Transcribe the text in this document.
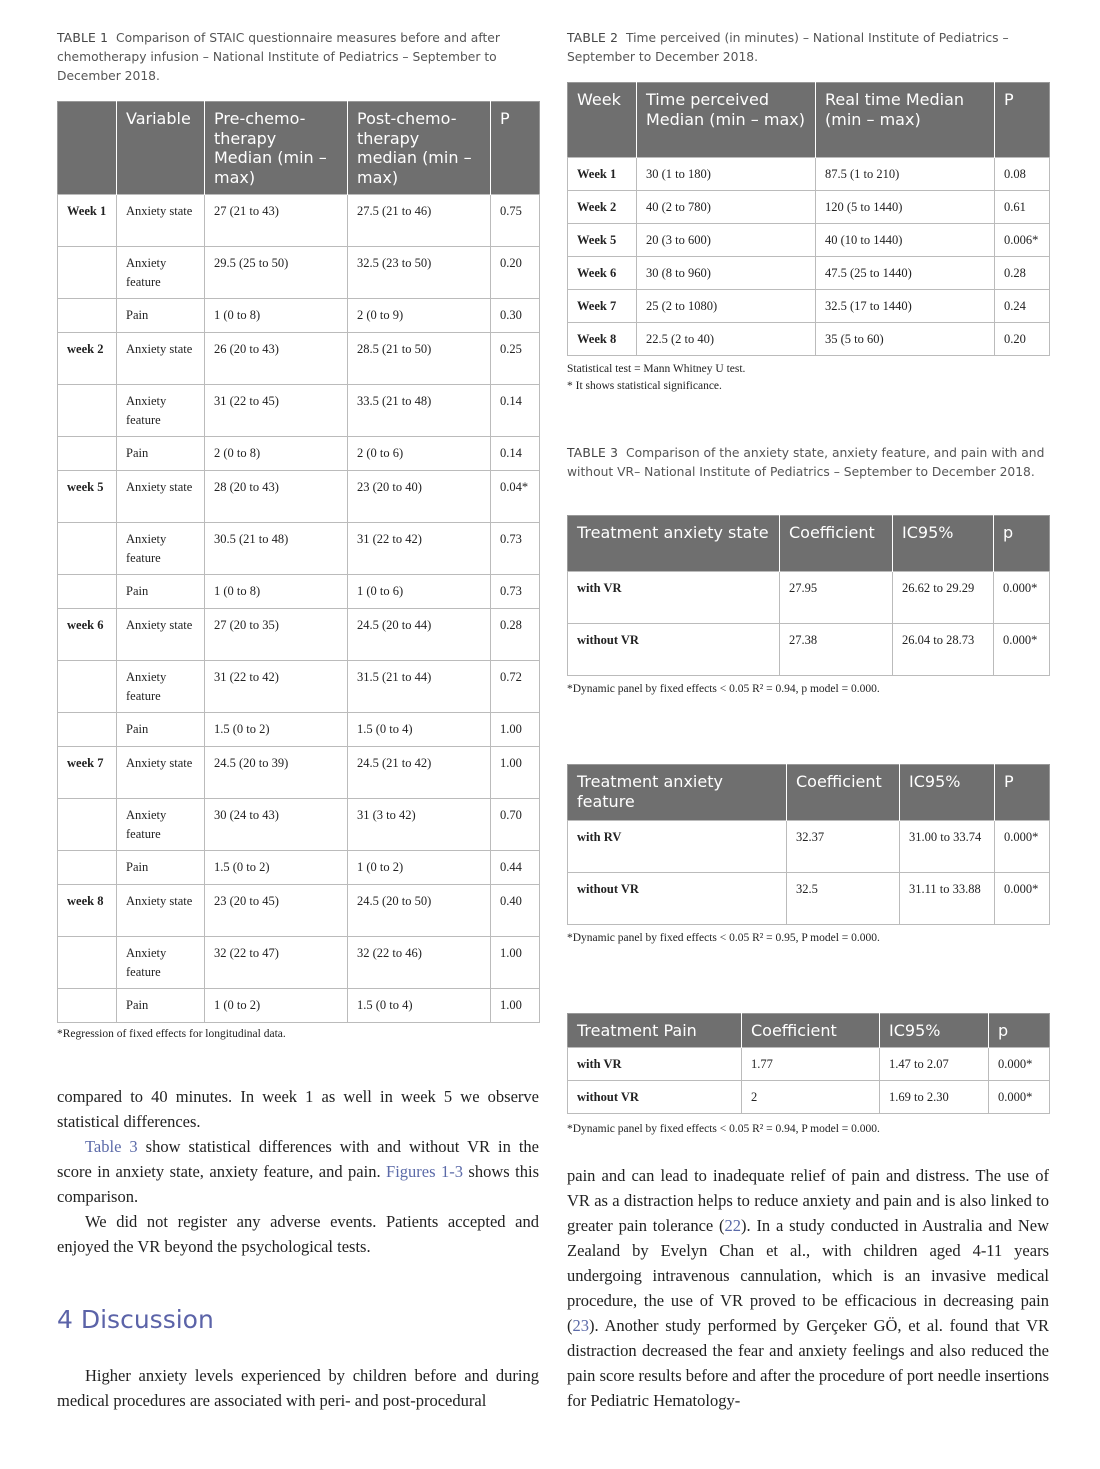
TABLE 1 Comparison of STAIC questionnaire measures before and after chemotherapy infusion – National Institute of Pediatrics – September to December 2018.
	Variable	Pre-chemo-therapy Median (min – max)	Post-chemo-therapy median (min – max)	P
Week 1	Anxiety state	27 (21 to 43)	27.5 (21 to 46)	0.75
	Anxiety feature	29.5 (25 to 50)	32.5 (23 to 50)	0.20
	Pain	1 (0 to 8)	2 (0 to 9)	0.30
week 2	Anxiety state	26 (20 to 43)	28.5 (21 to 50)	0.25
	Anxiety feature	31 (22 to 45)	33.5 (21 to 48)	0.14
	Pain	2 (0 to 8)	2 (0 to 6)	0.14
week 5	Anxiety state	28 (20 to 43)	23 (20 to 40)	0.04*
	Anxiety feature	30.5 (21 to 48)	31 (22 to 42)	0.73
	Pain	1 (0 to 8)	1 (0 to 6)	0.73
week 6	Anxiety state	27 (20 to 35)	24.5 (20 to 44)	0.28
	Anxiety feature	31 (22 to 42)	31.5 (21 to 44)	0.72
	Pain	1.5 (0 to 2)	1.5 (0 to 4)	1.00
week 7	Anxiety state	24.5 (20 to 39)	24.5 (21 to 42)	1.00
	Anxiety feature	30 (24 to 43)	31 (3 to 42)	0.70
	Pain	1.5 (0 to 2)	1 (0 to 2)	0.44
week 8	Anxiety state	23 (20 to 45)	24.5 (20 to 50)	0.40
	Anxiety feature	32 (22 to 47)	32 (22 to 46)	1.00
	Pain	1 (0 to 2)	1.5 (0 to 4)	1.00
*Regression of fixed effects for longitudinal data.
compared to 40 minutes. In week 1 as well in week 5 we observe statistical differences.
Table 3 show statistical differences with and without VR in the score in anxiety state, anxiety feature, and pain. Figures 1-3 shows this comparison.
We did not register any adverse events. Patients accepted and enjoyed the VR beyond the psychological tests.
4 Discussion
Higher anxiety levels experienced by children before and during medical procedures are associated with peri- and post-procedural
TABLE 2 Time perceived (in minutes) – National Institute of Pediatrics – September to December 2018.
Week	Time perceived Median (min – max)	Real time Median (min – max)	P
Week 1	30 (1 to 180)	87.5 (1 to 210)	0.08
Week 2	40 (2 to 780)	120 (5 to 1440)	0.61
Week 5	20 (3 to 600)	40 (10 to 1440)	0.006*
Week 6	30 (8 to 960)	47.5 (25 to 1440)	0.28
Week 7	25 (2 to 1080)	32.5 (17 to 1440)	0.24
Week 8	22.5 (2 to 40)	35 (5 to 60)	0.20
Statistical test = Mann Whitney U test.
* It shows statistical significance.
TABLE 3 Comparison of the anxiety state, anxiety feature, and pain with and without VR– National Institute of Pediatrics – September to December 2018.
Treatment anxiety state	Coefficient	IC95%	p
with VR	27.95	26.62 to 29.29	0.000*
without VR	27.38	26.04 to 28.73	0.000*
*Dynamic panel by fixed effects < 0.05 R² = 0.94, p model = 0.000.
Treatment anxiety feature	Coefficient	IC95%	P
with RV	32.37	31.00 to 33.74	0.000*
without VR	32.5	31.11 to 33.88	0.000*
*Dynamic panel by fixed effects < 0.05 R² = 0.95, P model = 0.000.
Treatment Pain	Coefficient	IC95%	p
with VR	1.77	1.47 to 2.07	0.000*
without VR	2	1.69 to 2.30	0.000*
*Dynamic panel by fixed effects < 0.05 R² = 0.94, P model = 0.000.
pain and can lead to inadequate relief of pain and distress. The use of VR as a distraction helps to reduce anxiety and pain and is also linked to greater pain tolerance (22). In a study conducted in Australia and New Zealand by Evelyn Chan et al., with children aged 4-11 years undergoing intravenous cannulation, which is an invasive medical procedure, the use of VR proved to be efficacious in decreasing pain (23). Another study performed by Gerçeker GÖ, et al. found that VR distraction decreased the fear and anxiety feelings and also reduced the pain score results before and after the procedure of port needle insertions for Pediatric Hematology-
